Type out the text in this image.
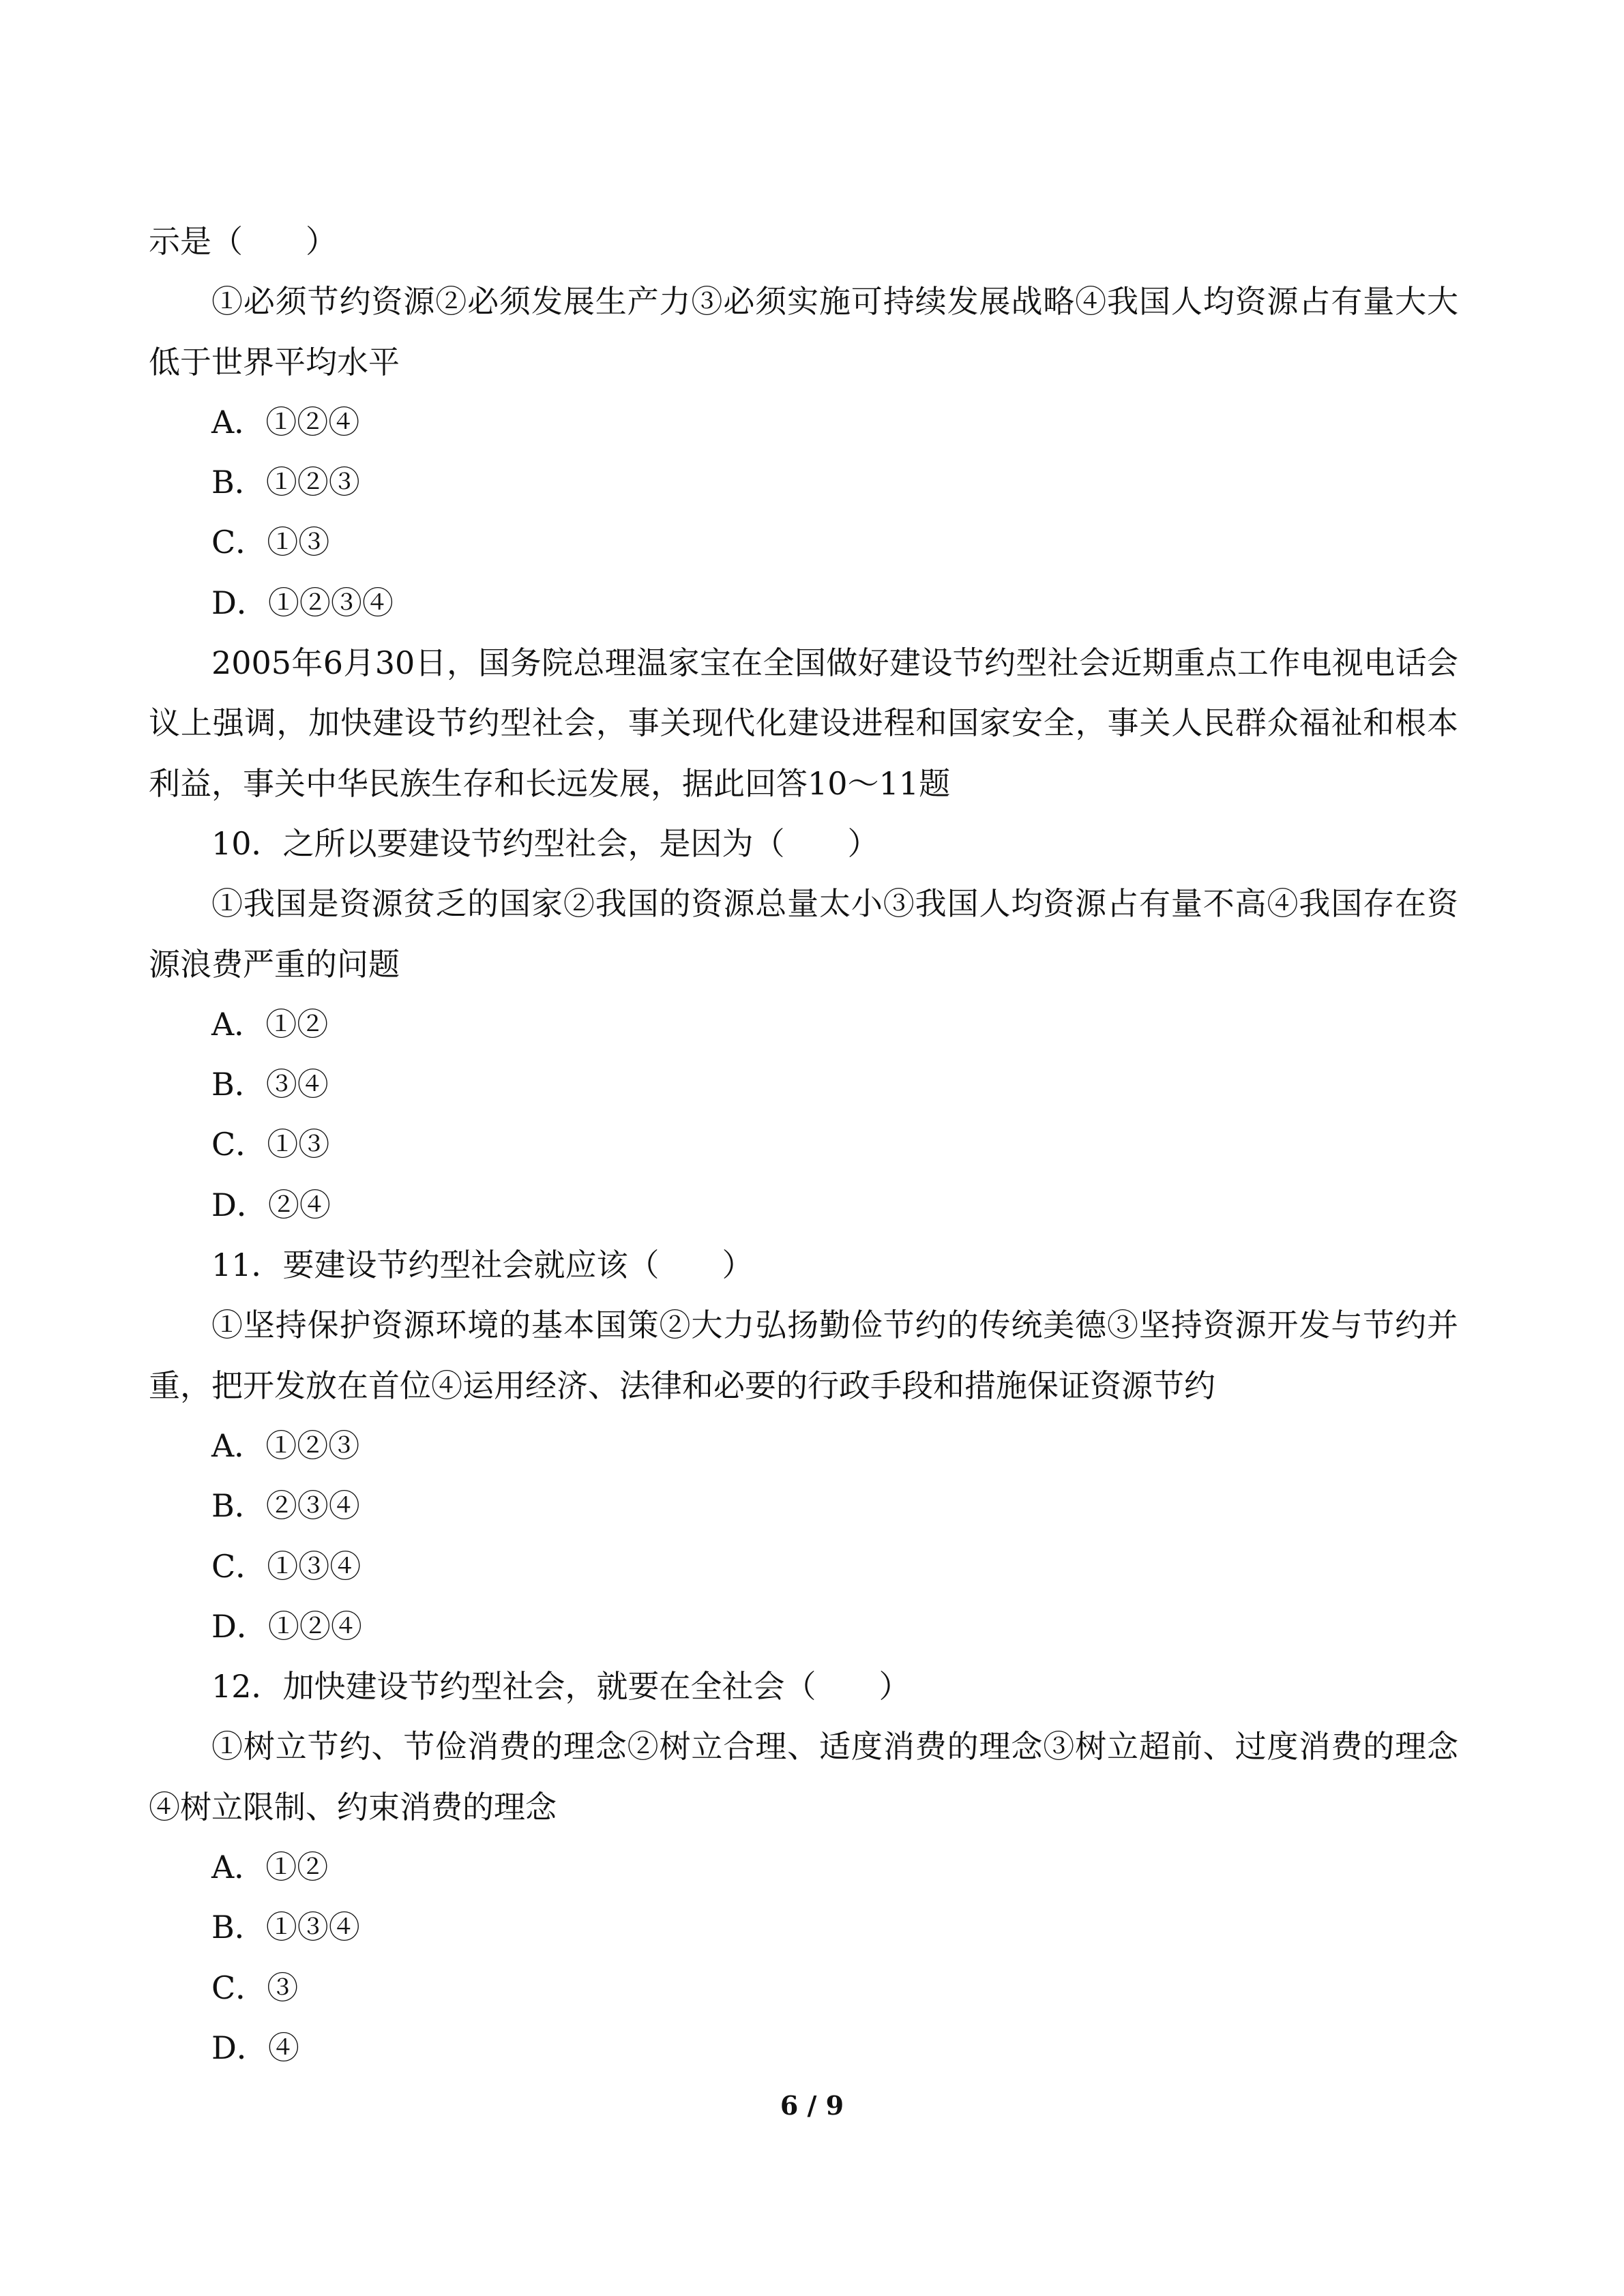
示是（　　）
①必须节约资源②必须发展生产力③必须实施可持续发展战略④我国人均资源占有量大大低于世界平均水平
A．①②④
B．①②③
C．①③
D．①②③④
2005年6月30日，国务院总理温家宝在全国做好建设节约型社会近期重点工作电视电话会议上强调，加快建设节约型社会，事关现代化建设进程和国家安全，事关人民群众福祉和根本利益，事关中华民族生存和长远发展，据此回答10～11题
10．之所以要建设节约型社会，是因为（　　）
①我国是资源贫乏的国家②我国的资源总量太小③我国人均资源占有量不高④我国存在资源浪费严重的问题
A．①②
B．③④
C．①③
D．②④
11．要建设节约型社会就应该（　　）
①坚持保护资源环境的基本国策②大力弘扬勤俭节约的传统美德③坚持资源开发与节约并重，把开发放在首位④运用经济、法律和必要的行政手段和措施保证资源节约
A．①②③
B．②③④
C．①③④
D．①②④
12．加快建设节约型社会，就要在全社会（　　）
①树立节约、节俭消费的理念②树立合理、适度消费的理念③树立超前、过度消费的理念④树立限制、约束消费的理念
A．①②
B．①③④
C．③
D．④
6 / 9
